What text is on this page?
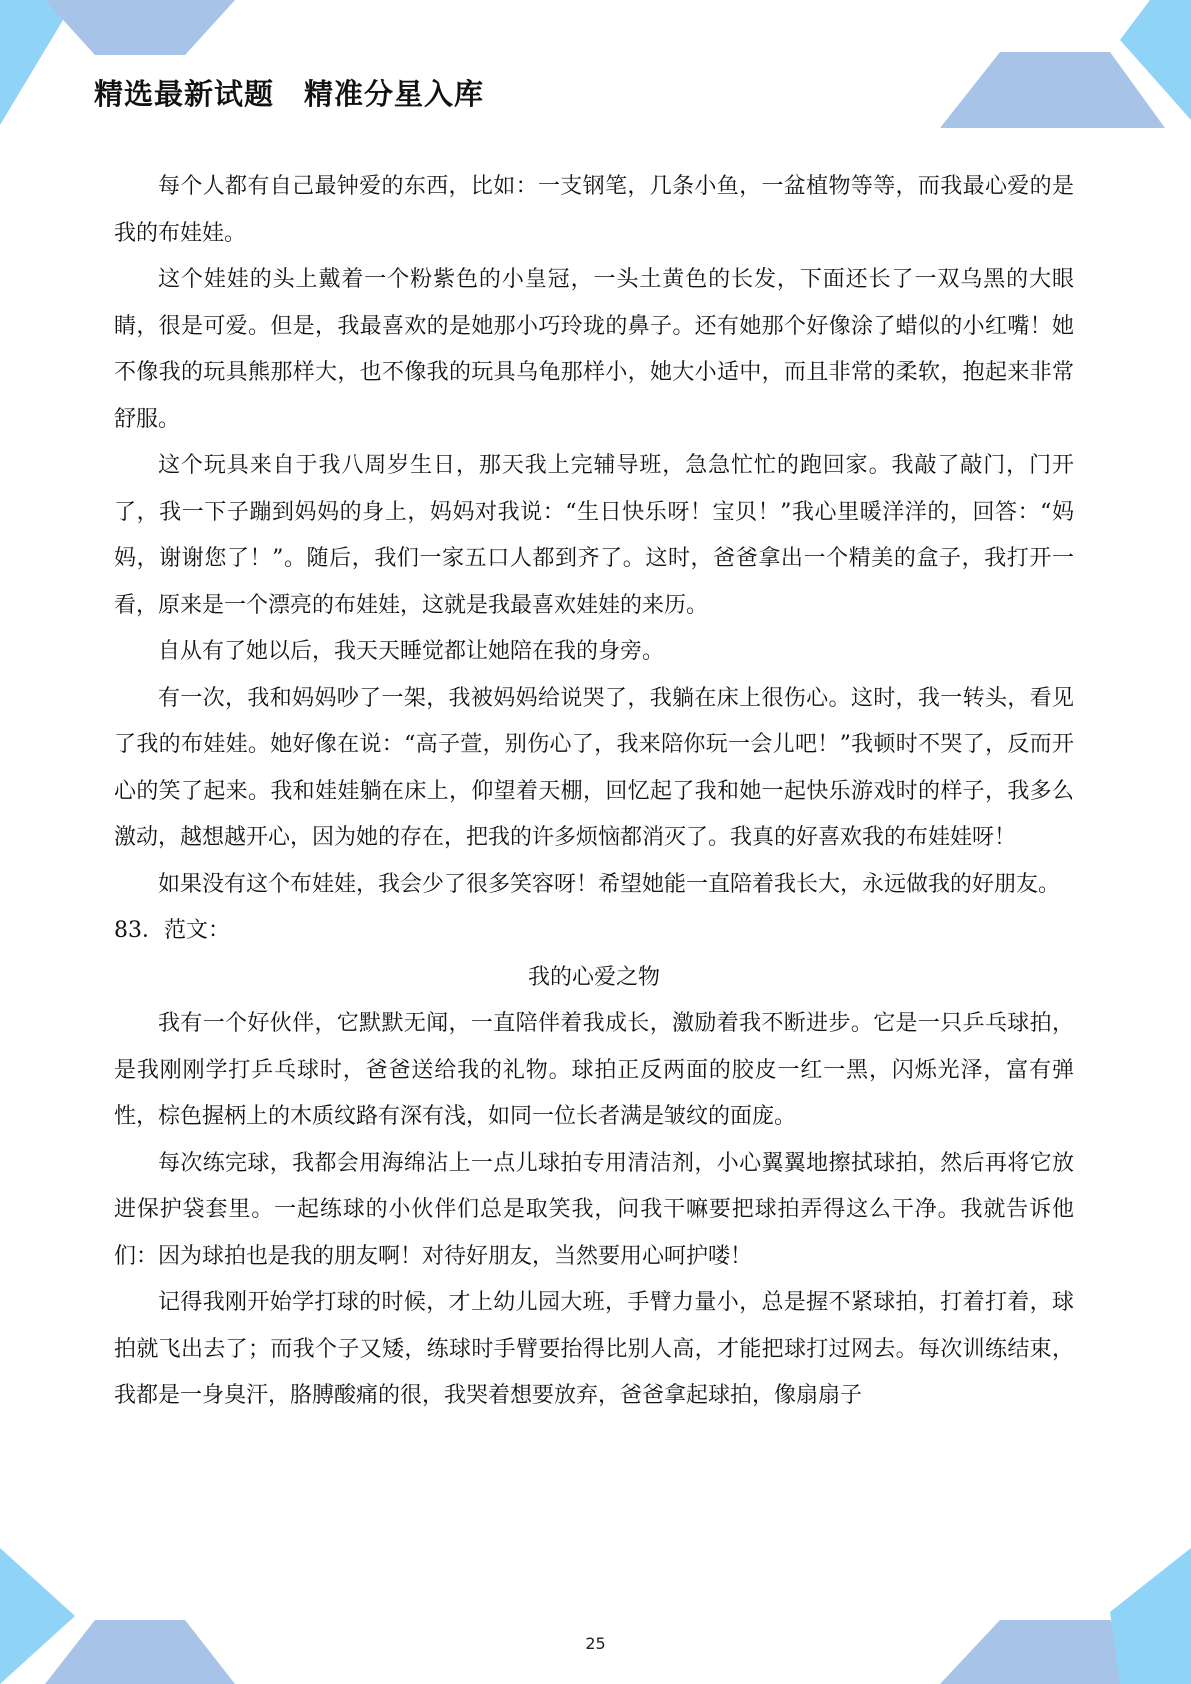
精选最新试题　精准分星入库

每个人都有自己最钟爱的东西，比如：一支钢笔，几条小鱼，一盆植物等等，而我最心爱的是我的布娃娃。

这个娃娃的头上戴着一个粉紫色的小皇冠，一头土黄色的长发，下面还长了一双乌黑的大眼睛，很是可爱。但是，我最喜欢的是她那小巧玲珑的鼻子。还有她那个好像涂了蜡似的小红嘴！她不像我的玩具熊那样大，也不像我的玩具乌龟那样小，她大小适中，而且非常的柔软，抱起来非常舒服。

这个玩具来自于我八周岁生日，那天我上完辅导班，急急忙忙的跑回家。我敲了敲门，门开了，我一下子蹦到妈妈的身上，妈妈对我说：“生日快乐呀！宝贝！”我心里暖洋洋的，回答：“妈妈，谢谢您了！”。随后，我们一家五口人都到齐了。这时，爸爸拿出一个精美的盒子，我打开一看，原来是一个漂亮的布娃娃，这就是我最喜欢娃娃的来历。

自从有了她以后，我天天睡觉都让她陪在我的身旁。

有一次，我和妈妈吵了一架，我被妈妈给说哭了，我躺在床上很伤心。这时，我一转头，看见了我的布娃娃。她好像在说：“高子萱，别伤心了，我来陪你玩一会儿吧！”我顿时不哭了，反而开心的笑了起来。我和娃娃躺在床上，仰望着天棚，回忆起了我和她一起快乐游戏时的样子，我多么激动，越想越开心，因为她的存在，把我的许多烦恼都消灭了。我真的好喜欢我的布娃娃呀！

如果没有这个布娃娃，我会少了很多笑容呀！希望她能一直陪着我长大，永远做我的好朋友。

83．范文：

我的心爱之物

我有一个好伙伴，它默默无闻，一直陪伴着我成长，激励着我不断进步。它是一只乒乓球拍，是我刚刚学打乒乓球时，爸爸送给我的礼物。球拍正反两面的胶皮一红一黑，闪烁光泽，富有弹性，棕色握柄上的木质纹路有深有浅，如同一位长者满是皱纹的面庞。

每次练完球，我都会用海绵沾上一点儿球拍专用清洁剂，小心翼翼地擦拭球拍，然后再将它放进保护袋套里。一起练球的小伙伴们总是取笑我，问我干嘛要把球拍弄得这么干净。我就告诉他们：因为球拍也是我的朋友啊！对待好朋友，当然要用心呵护喽！

记得我刚开始学打球的时候，才上幼儿园大班，手臂力量小，总是握不紧球拍，打着打着，球拍就飞出去了；而我个子又矮，练球时手臂要抬得比别人高，才能把球打过网去。每次训练结束，我都是一身臭汗，胳膊酸痛的很，我哭着想要放弃，爸爸拿起球拍，像扇扇子

25
